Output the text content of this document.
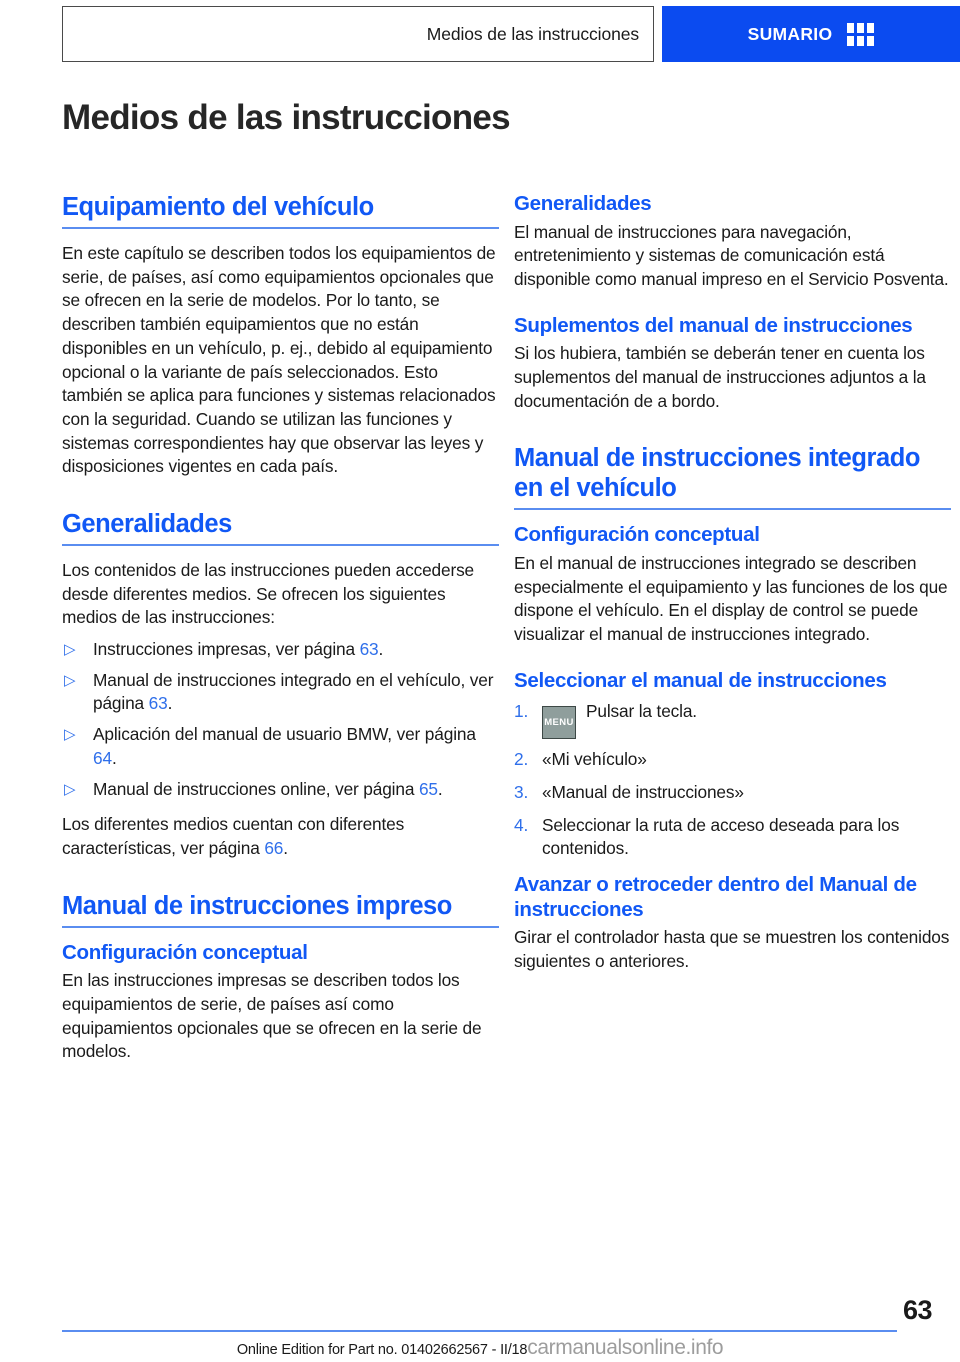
Medios de las instrucciones	SUMARIO
Medios de las instrucciones
Equipamiento del vehículo

En este capítulo se describen todos los equipamientos de serie, de países, así como equipamientos opcionales que se ofrecen en la serie de modelos. Por lo tanto, se describen también equipamientos que no están disponibles en un vehículo, p. ej., debido al equipamiento opcional o la variante de país seleccionados. Esto también se aplica para funciones y sistemas relacionados con la seguridad. Cuando se utilizan las funciones y sistemas correspondientes hay que observar las leyes y disposiciones vigentes en cada país.

Generalidades

Los contenidos de las instrucciones pueden accederse desde diferentes medios. Se ofrecen los siguientes medios de las instrucciones:

▷	Instrucciones impresas, ver página 63.
▷	Manual de instrucciones integrado en el vehículo, ver página 63.
▷	Aplicación del manual de usuario BMW, ver página 64.
▷	Manual de instrucciones online, ver página 65.

Los diferentes medios cuentan con diferentes características, ver página 66.

Manual de instrucciones impreso
Configuración conceptual

En las instrucciones impresas se describen todos los equipamientos de serie, de países así como equipamientos opcionales que se ofrecen en la serie de modelos.

Generalidades

El manual de instrucciones para navegación, entretenimiento y sistemas de comunicación está disponible como manual impreso en el Servicio Posventa.

Suplementos del manual de instrucciones

Si los hubiera, también se deberán tener en cuenta los suplementos del manual de instrucciones adjuntos a la documentación de a bordo.

Manual de instrucciones integrado en el vehículo
Configuración conceptual

En el manual de instrucciones integrado se describen especialmente el equipamiento y las funciones de los que dispone el vehículo. En el display de control se puede visualizar el manual de instrucciones integrado.

Seleccionar el manual de instrucciones
1.
MENUPulsar la tecla.
2. «Mi vehículo»
3. «Manual de instrucciones»
4. Seleccionar la ruta de acceso deseada para los contenidos.
Avanzar o retroceder dentro del Manual de instrucciones

Girar el controlador hasta que se muestren los contenidos siguientes o anteriores.

63
Online Edition for Part no. 01402662567 - II/18carmanualsonline.info
